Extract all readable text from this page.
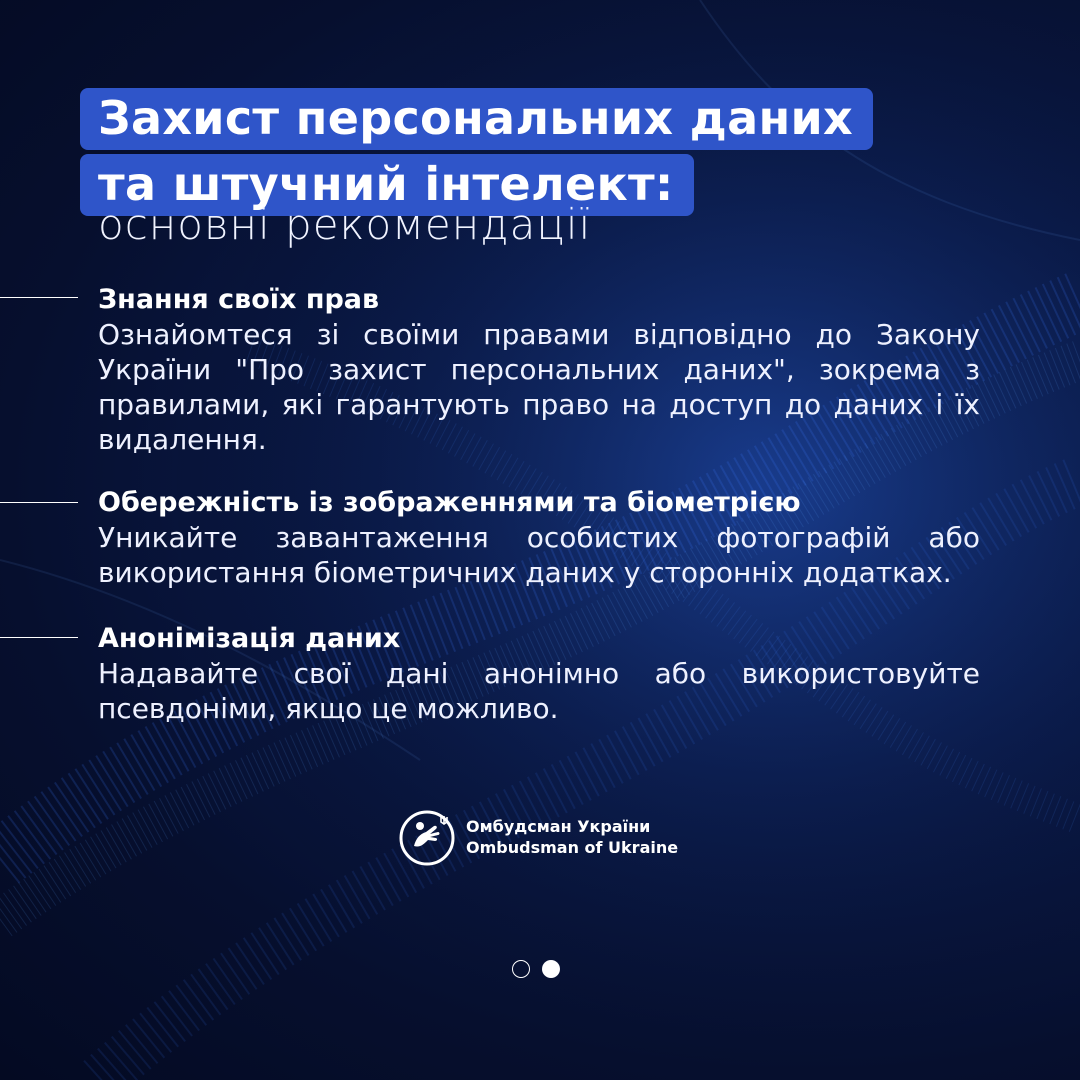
Захист персональних даних
та штучний інтелект:
основні рекомендації
Знання своїх прав

Ознайомтеся зі своїми правами відповідно до Закону України "Про захист персональних даних", зокрема з правилами, які гарантують право на доступ до даних і їх видалення.

Обережність із зображеннями та біометрією

Уникайте завантаження особистих фотографій або використання біометричних даних у сторонніх додатках.

Анонімізація даних

Надавайте свої дані анонімно або використовуйте псевдоніми, якщо це можливо.

Омбудсман України
Ombudsman of Ukraine
